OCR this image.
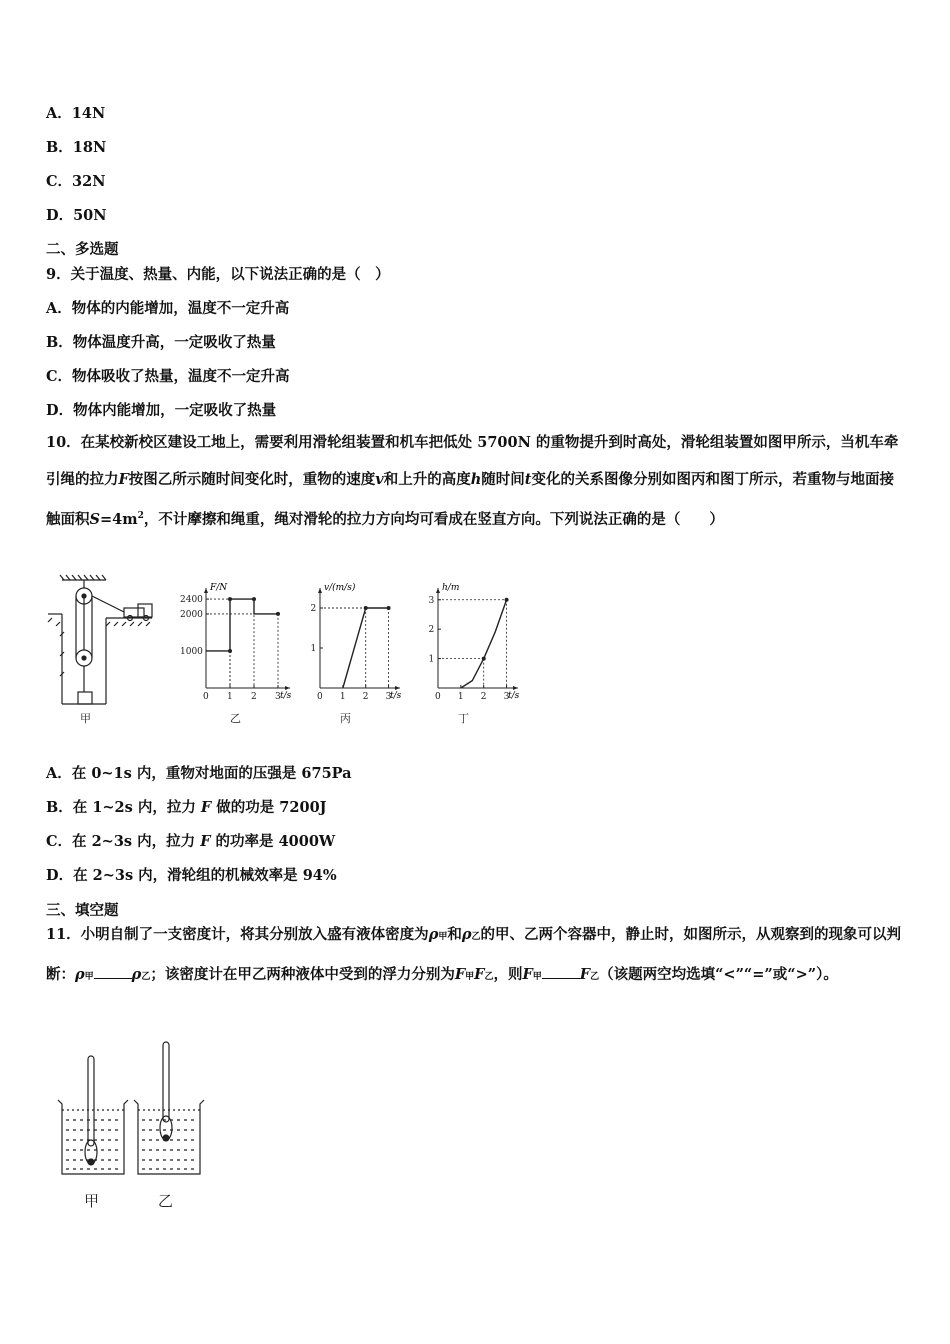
A．14N
B．18N
C．32N
D．50N
二、多选题
9．关于温度、热量、内能，以下说法正确的是（　）
A．物体的内能增加，温度不一定升高
B．物体温度升高，一定吸收了热量
C．物体吸收了热量，温度不一定升高
D．物体内能增加，一定吸收了热量
10．在某校新校区建设工地上，需要利用滑轮组装置和机车把低处 5700N 的重物提升到时高处，滑轮组装置如图甲所示，当机车牵引绳的拉力F按图乙所示随时间变化时，重物的速度v和上升的高度h随时间t变化的关系图像分别如图丙和图丁所示，若重物与地面接触面积$S=4m^2$，不计摩擦和绳重，绳对滑轮的拉力方向均可看成在竖直方向。下列说法正确的是（　　）
甲
F/N
t/s
0 1 2 3
1000
2000
2400
乙
v/(m/s)
t/s
0 1 2 3
1
2
丙
h/m
t/s
0 1 2 3
1
2
3
丁
A．在 0~1s 内，重物对地面的压强是 675Pa
B．在 1~2s 内，拉力 F 做的功是 7200J
C．在 2~3s 内，拉力 F 的功率是 4000W
D．在 2~3s 内，滑轮组的机械效率是 94%
三、填空题
11．小明自制了一支密度计，将其分别放入盛有液体密度为ρ甲和ρ乙的甲、乙两个容器中，静止时，如图所示，从观察到的现象可以判断：ρ甲	ρ乙；该密度计在甲乙两种液体中受到的浮力分别为F甲F乙，则F甲	F乙（该题两空均选填“<”“=”或“>”）。
甲	乙
